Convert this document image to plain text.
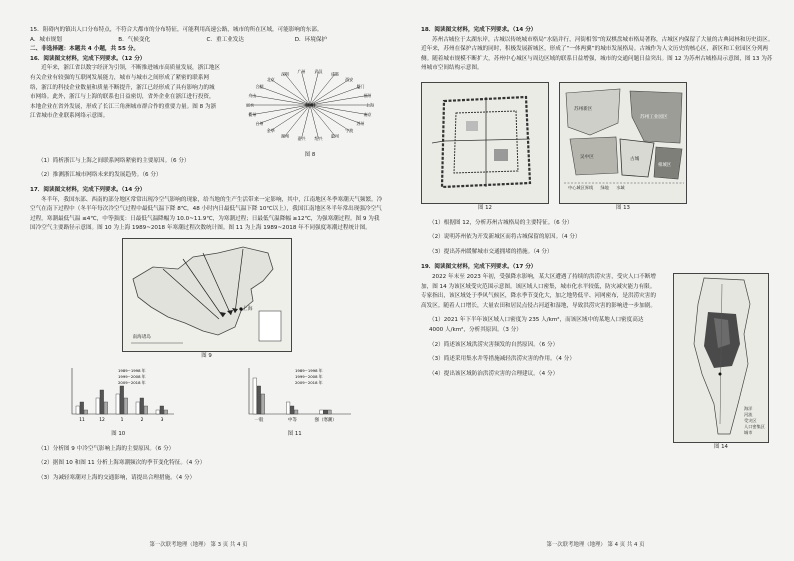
15．阻碍内的镇出人口分布特点，不符合大都市的分布特征，可能利用高速公路，城市的所在区域，可能影响的东部。

A．城市规划	B．气候变化	C．重工业发达	D．环境保护

二、非选择题：本题共 4 小题，共 55 分。

16．阅读图文材料，完成下列要求。（12 分）

近年来，浙江省以数字经济为引领，不断推进城市高质量发展，浙江地区有关企业有较强的互联网发展能力，城市与城市之间形成了紧密的联系网络，浙江的科技企业数量和质量不断提升，浙江已经形成了具有影响力的城市网络。此外，浙江与上海的联系也日益密切，省外企业在浙江进行投资，本地企业在省外发展，形成了长江三角洲城市群合作的重要力量。图 8 为浙江省城市企业联系网络示意图。

上海
南京
苏州
宁波
温州
绍兴
嘉兴
湖州
金华
台州
衢州
丽水
舟山
合肥
北京
深圳
广州 武汉
成都
西安
厦门
福州
杭州
图 8

（1）简析浙江与上海之间联系网络紧密的主要原因。（6 分）

（2）推测浙江城市网络未来的发展趋势。（6 分）

17．阅读图文材料，完成下列要求。（14 分）

冬半年，我国东部、西南的部分地区常常出现冷空气影响的现象，给当地的生产生活带来一定影响，其中，江南地区冬季寒潮天气频繁。冷空气在南下过程中（冬半年每次冷空气过程中最低气温下降 8℃，48 小时内日最低气温下降 10℃以上），我国江南地区冬半年常出现强冷空气过程。寒潮最低气温 ≤4℃，中等强度：日最低气温降幅为 10.0~11.9℃，为寒潮过程；日最低气温降幅 ≥12℃，为强寒潮过程。图 9 为我国冷空气主要路径示意图。图 10 为上海 1989~2018 年寒潮过程次数统计图。图 11 为上海 1989~2018 年不同强度寒潮过程统计图。

上海
南海诸岛
图 9
11	12	1	2	3
1989~1998 年
1999~2008 年
2009~2018 年
图 10
一般	中等	强（寒潮）
1989~1998 年
1999~2008 年
2009~2018 年
图 11

（1）分析图 9 中冷空气影响上海的主要原因。（6 分）

（2）据图 10 和图 11 分析上海寒潮频次的季节变化特征。（4 分）

（3）为减轻寒潮对上海的交通影响，请提出合理措施。（4 分）

第一次联考地理（地理） 第 3 页 共 4 页

18．阅读图文材料，完成下列要求。（14 分）

苏州古城位于太湖东岸，古城以传统城市格局“水陆并行，河街相邻”的双棋盘城市格局著称，古城区内保留了大量的古典园林和历史街区。近年来，苏州在保护古城的同时，积极发展新城区，形成了“一体两翼”的城市发展格局。古城作为人文历史的核心区，新区和工业园区分列两侧。随着城市规模不断扩大，苏州中心城区与周边区域的联系日益增强，城市的交通问题日益突出。图 12 为苏州古城格局示意图，图 13 为苏州城市空间结构示意图。

图 12
苏州新区
古城
苏州工业园区
吴中区
相城区
中心城区界线 绿地 水域
图 13

（1）根据图 12，分析苏州古城格局的主要特征。（6 分）

（2）说明苏州依为开发新城区而将古城保留的原因。（4 分）

（3）提出苏州缓解城市交通拥堵的措施。（4 分）

19．阅读图文材料，完成下列要求。（17 分）

2022 年末至 2023 年初，受强降水影响，某大区遭遇了持续的洪涝灾害，受灾人口不断增加，图 14 为该区域受灾范围示意图。该区域人口密集，城市化水平较低，防灾减灾能力有限。专家指出，该区域处于季风气候区，降水季节变化大，加之地势低平、河网密布，是洪涝灾害的高发区。随着人口增长，大量农田和居民点侵占河道和湿地，导致洪涝灾害的影响进一步加剧。

（1）2021 年下半年该区域人口密度为 235 人/km²，而该区域中的某地人口密度高达 4000 人/km²，分析其原因。（3 分）

（2）简述该区域洪涝灾害频发的自然原因。（6 分）

（3）简述采用集水井等措施减轻洪涝灾害的作用。（4 分）

（4）提出该区域防治洪涝灾害的合理建议。（4 分）

海洋
河流
受灾区
人口密集区
城市
图 14
第一次联考地理（地理） 第 4 页 共 4 页
